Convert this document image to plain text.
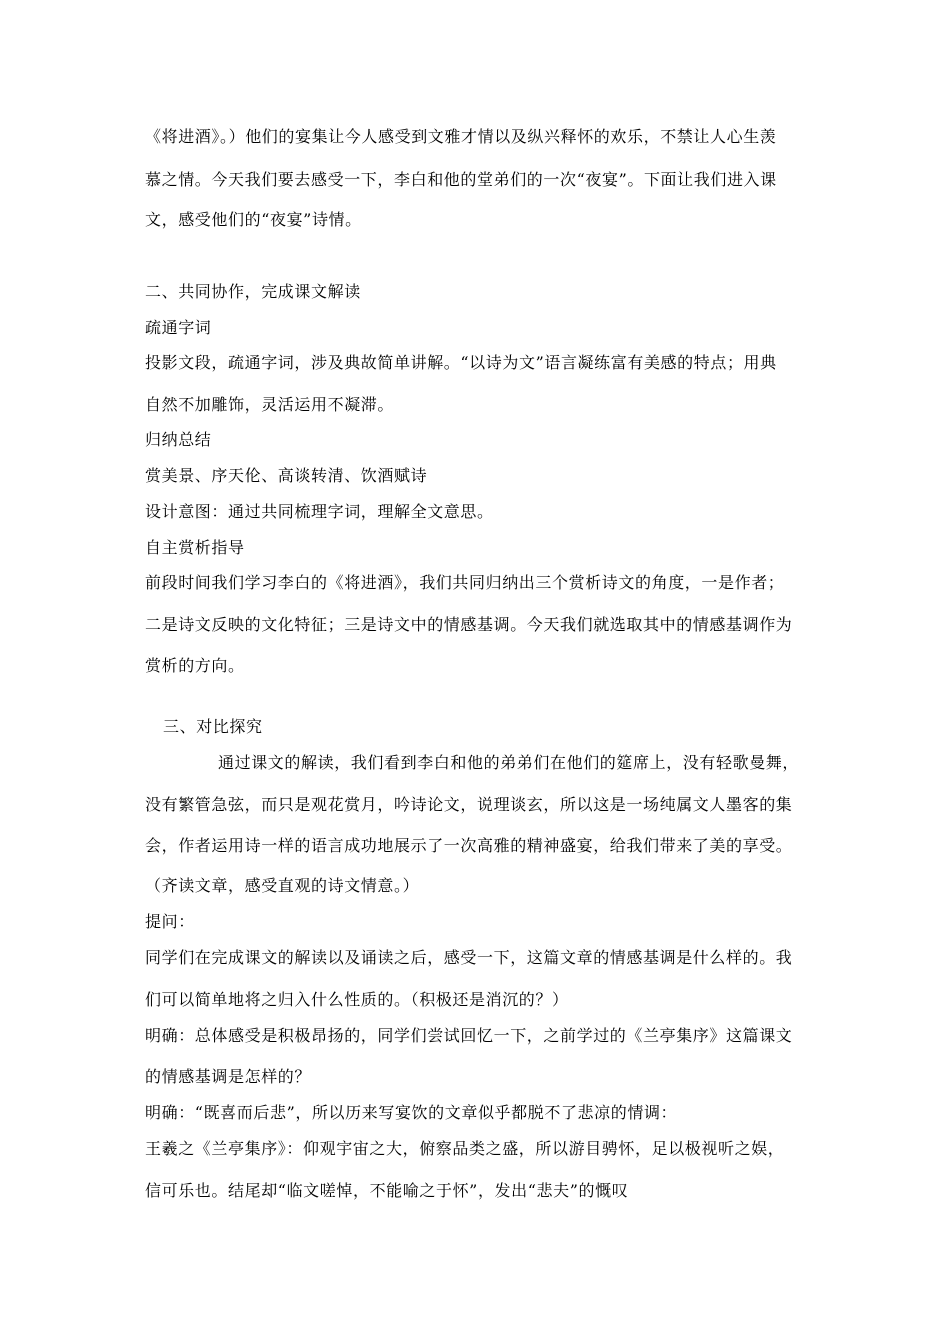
《将进酒》。）他们的宴集让今人感受到文雅才情以及纵兴释怀的欢乐，不禁让人心生羡
慕之情。今天我们要去感受一下，李白和他的堂弟们的一次“夜宴”。下面让我们进入课
文，感受他们的“夜宴”诗情。
二、共同协作，完成课文解读
疏通字词
投影文段，疏通字词，涉及典故简单讲解。“以诗为文”语言凝练富有美感的特点；用典
自然不加雕饰，灵活运用不凝滞。
归纳总结
赏美景、序天伦、高谈转清、饮酒赋诗
设计意图：通过共同梳理字词，理解全文意思。
自主赏析指导
前段时间我们学习李白的《将进酒》，我们共同归纳出三个赏析诗文的角度，一是作者；
二是诗文反映的文化特征；三是诗文中的情感基调。今天我们就选取其中的情感基调作为
赏析的方向。
三、对比探究
通过课文的解读，我们看到李白和他的弟弟们在他们的筵席上，没有轻歌曼舞，
没有繁管急弦，而只是观花赏月，吟诗论文，说理谈玄，所以这是一场纯属文人墨客的集
会，作者运用诗一样的语言成功地展示了一次高雅的精神盛宴，给我们带来了美的享受。
（齐读文章，感受直观的诗文情意。）
提问：
同学们在完成课文的解读以及诵读之后，感受一下，这篇文章的情感基调是什么样的。我
们可以简单地将之归入什么性质的。（积极还是消沉的？）
明确：总体感受是积极昂扬的，同学们尝试回忆一下，之前学过的《兰亭集序》这篇课文
的情感基调是怎样的？
明确：“既喜而后悲”，所以历来写宴饮的文章似乎都脱不了悲凉的情调：
王羲之《兰亭集序》：仰观宇宙之大，俯察品类之盛，所以游目骋怀，足以极视听之娱，
信可乐也。结尾却“临文嗟悼，不能喻之于怀”，发出“悲夫”的慨叹
